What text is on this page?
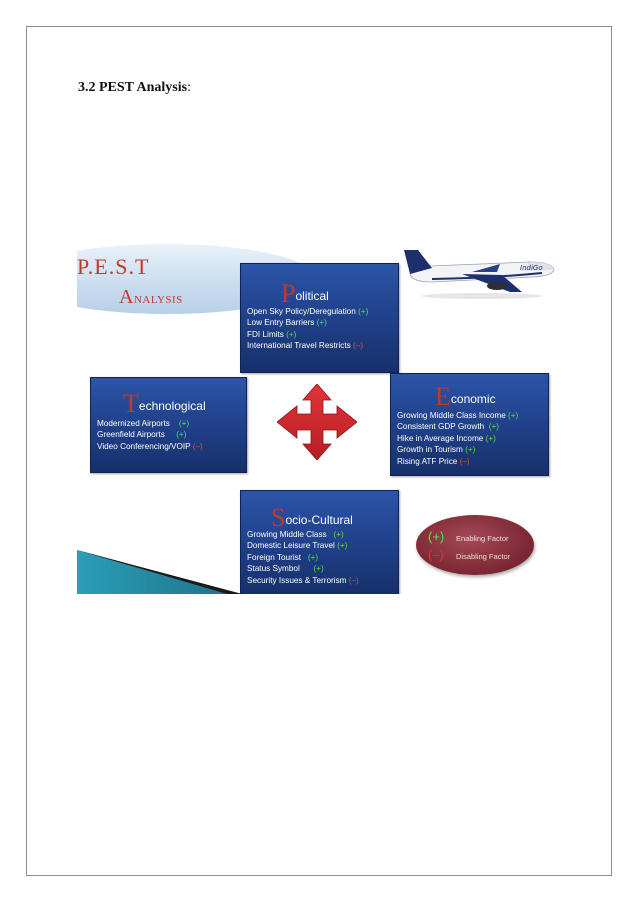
3.2 PEST Analysis:

P.E.S.T
ANALYSIS
IndiGo
Political
Open Sky Policy/Deregulation (+)
Low Entry Barriers (+)
FDI Limits (+)
International Travel Restricts (–)
Technological
Modernized Airports (+)
Greenfield Airports (+)
Video Conferencing/VOIP (–)
Economic
Growing Middle Class Income (+)
Consistent GDP Growth (+)
Hike in Average Income (+)
Growth in Tourism (+)
Rising ATF Price (–)
Socio-Cultural
Growing Middle Class (+)
Domestic Leisure Travel (+)
Foreign Tourist (+)
Status Symbol (+)
Security Issues & Terrorism (–)
(+) Enabling Factor
(–) Disabling Factor
